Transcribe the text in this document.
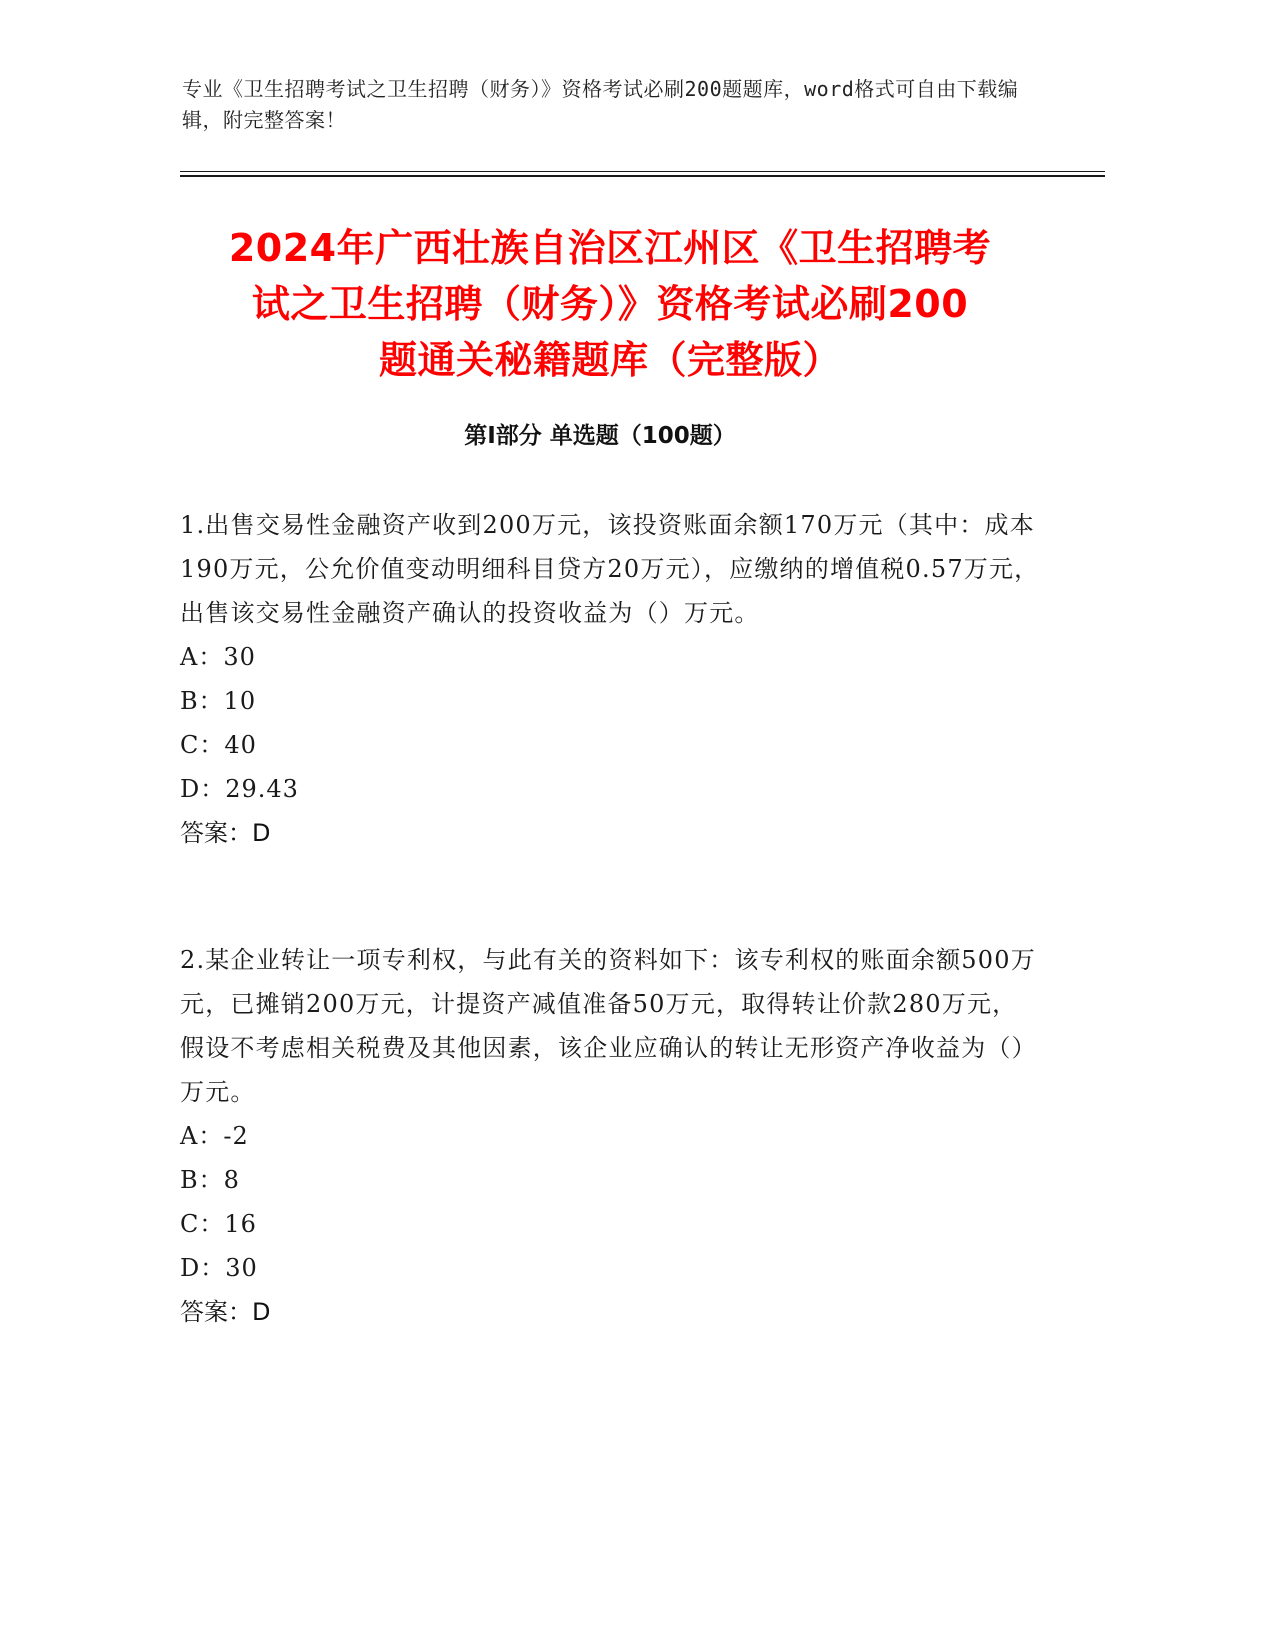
专业《卫生招聘考试之卫生招聘（财务）》资格考试必刷200题题库，word格式可自由下载编辑，附完整答案！
2024年广西壮族自治区江州区《卫生招聘考
试之卫生招聘（财务）》资格考试必刷200
题通关秘籍题库（完整版）
第Ⅰ部分 单选题（100题）

1.出售交易性金融资产收到200万元，该投资账面余额170万元（其中：成本190万元，公允价值变动明细科目贷方20万元），应缴纳的增值税0.57万元，出售该交易性金融资产确认的投资收益为（）万元。

A：30
B：10
C：40
D：29.43
答案：D

2.某企业转让一项专利权，与此有关的资料如下：该专利权的账面余额500万元，已摊销200万元，计提资产减值准备50万元，取得转让价款280万元，假设不考虑相关税费及其他因素，该企业应确认的转让无形资产净收益为（）万元。

A：-2
B：8
C：16
D：30
答案：D
